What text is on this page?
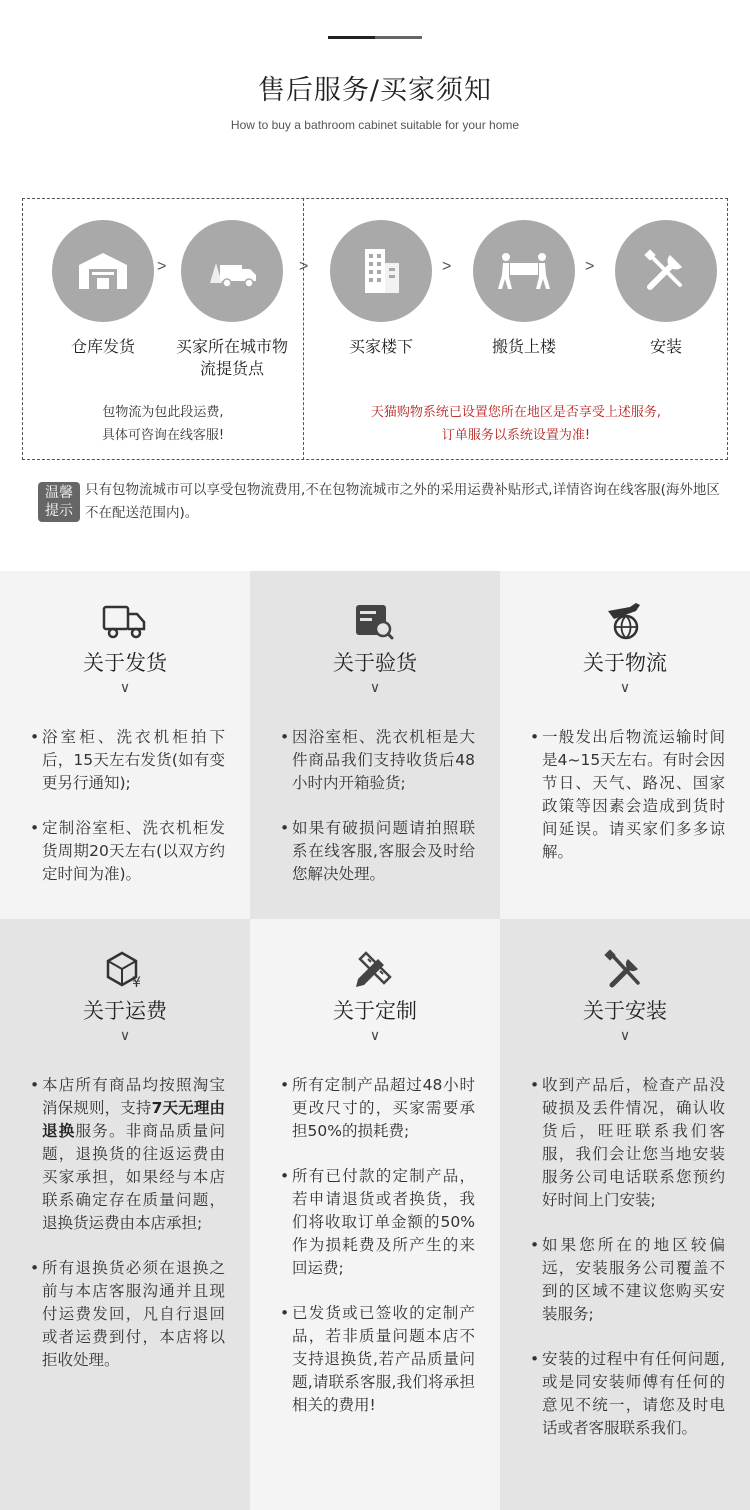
售后服务/买家须知
How to buy a bathroom cabinet suitable for your home
仓库发货	买家所在城市物流提货点
买家楼下	搬货上楼	安装
>	>	>	>
包物流为包此段运费,
具体可咨询在线客服!
天猫购物系统已设置您所在地区是否享受上述服务,
订单服务以系统设置为准!
温馨
提示
只有包物流城市可以享受包物流费用,不在包物流城市之外的采用运费补贴形式,详情咨询在线客服(海外地区不在配送范围内)。
关于发货
∨
• 浴室柜、洗衣机柜拍下后，15天左右发货(如有变更另行通知);
• 定制浴室柜、洗衣机柜发货周期20天左右(以双方约定时间为准)。
关于验货
∨
• 因浴室柜、洗衣机柜是大件商品我们支持收货后48小时内开箱验货;
• 如果有破损问题请拍照联系在线客服,客服会及时给您解决处理。
关于物流
∨
• 一般发出后物流运输时间是4~15天左右。有时会因节日、天气、路况、国家政策等因素会造成到货时间延误。请买家们多多谅解。
¥
关于运费
∨
• 本店所有商品均按照淘宝消保规则，支持7天无理由退换服务。非商品质量问题，退换货的往返运费由买家承担，如果经与本店联系确定存在质量问题，退换货运费由本店承担;
• 所有退换货必须在退换之前与本店客服沟通并且现付运费发回，凡自行退回或者运费到付，本店将以拒收处理。
关于定制
∨
• 所有定制产品超过48小时更改尺寸的，买家需要承担50%的损耗费;
• 所有已付款的定制产品，若申请退货或者换货，我们将收取订单金额的50%作为损耗费及所产生的来回运费;
• 已发货或已签收的定制产品，若非质量问题本店不支持退换货,若产品质量问题,请联系客服,我们将承担相关的费用!
关于安装
∨
• 收到产品后，检查产品没破损及丢件情况，确认收货后，旺旺联系我们客服，我们会让您当地安装服务公司电话联系您预约好时间上门安装;
• 如果您所在的地区较偏远，安装服务公司覆盖不到的区域不建议您购买安装服务;
• 安装的过程中有任何问题,或是同安装师傅有任何的意见不统一，请您及时电话或者客服联系我们。
